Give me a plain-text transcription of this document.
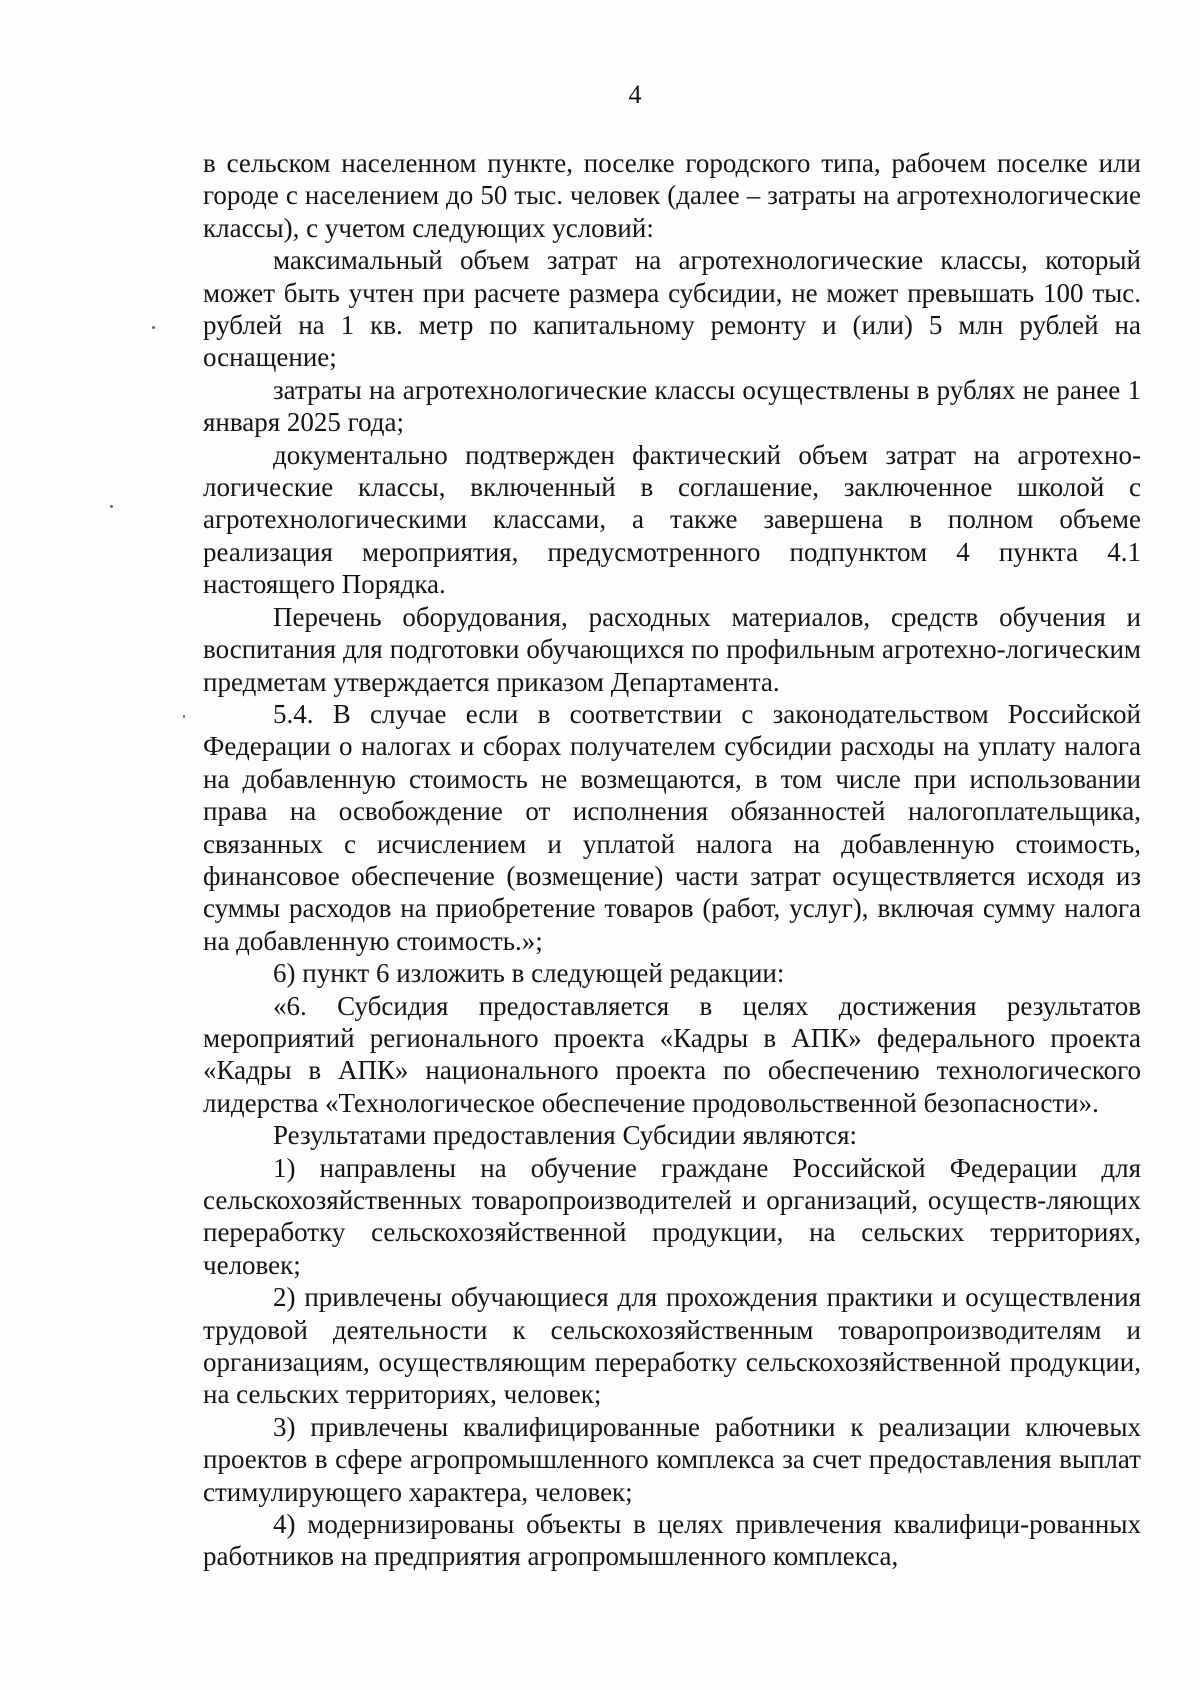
4

в сельском населенном пункте, поселке городского типа, рабочем поселке или городе с населением до 50 тыс. человек (далее – затраты на агротехнологические классы), с учетом следующих условий:

максимальный объем затрат на агротехнологические классы, который может быть учтен при расчете размера субсидии, не может превышать 100 тыс. рублей на 1 кв. метр по капитальному ремонту и (или) 5 млн рублей на оснащение;

затраты на агротехнологические классы осуществлены в рублях не ранее 1 января 2025 года;

документально подтвержден фактический объем затрат на агротехно-логические классы, включенный в соглашение, заключенное школой с агротехнологическими классами, а также завершена в полном объеме реализация мероприятия, предусмотренного подпунктом 4 пункта 4.1 настоящего Порядка.

Перечень оборудования, расходных материалов, средств обучения и воспитания для подготовки обучающихся по профильным агротехно-логическим предметам утверждается приказом Департамента.

5.4. В случае если в соответствии с законодательством Российской Федерации о налогах и сборах получателем субсидии расходы на уплату налога на добавленную стоимость не возмещаются, в том числе при использовании права на освобождение от исполнения обязанностей налогоплательщика, связанных с исчислением и уплатой налога на добавленную стоимость, финансовое обеспечение (возмещение) части затрат осуществляется исходя из суммы расходов на приобретение товаров (работ, услуг), включая сумму налога на добавленную стоимость.»;

6) пункт 6 изложить в следующей редакции:

«6. Субсидия предоставляется в целях достижения результатов мероприятий регионального проекта «Кадры в АПК» федерального проекта «Кадры в АПК» национального проекта по обеспечению технологического лидерства «Технологическое обеспечение продовольственной безопасности».

Результатами предоставления Субсидии являются:

1) направлены на обучение граждане Российской Федерации для сельскохозяйственных товаропроизводителей и организаций, осуществ-ляющих переработку сельскохозяйственной продукции, на сельских территориях, человек;

2) привлечены обучающиеся для прохождения практики и осуществления трудовой деятельности к сельскохозяйственным товаропроизводителям и организациям, осуществляющим переработку сельскохозяйственной продукции, на сельских территориях, человек;

3) привлечены квалифицированные работники к реализации ключевых проектов в сфере агропромышленного комплекса за счет предоставления выплат стимулирующего характера, человек;

4) модернизированы объекты в целях привлечения квалифици-рованных работников на предприятия агропромышленного комплекса,
